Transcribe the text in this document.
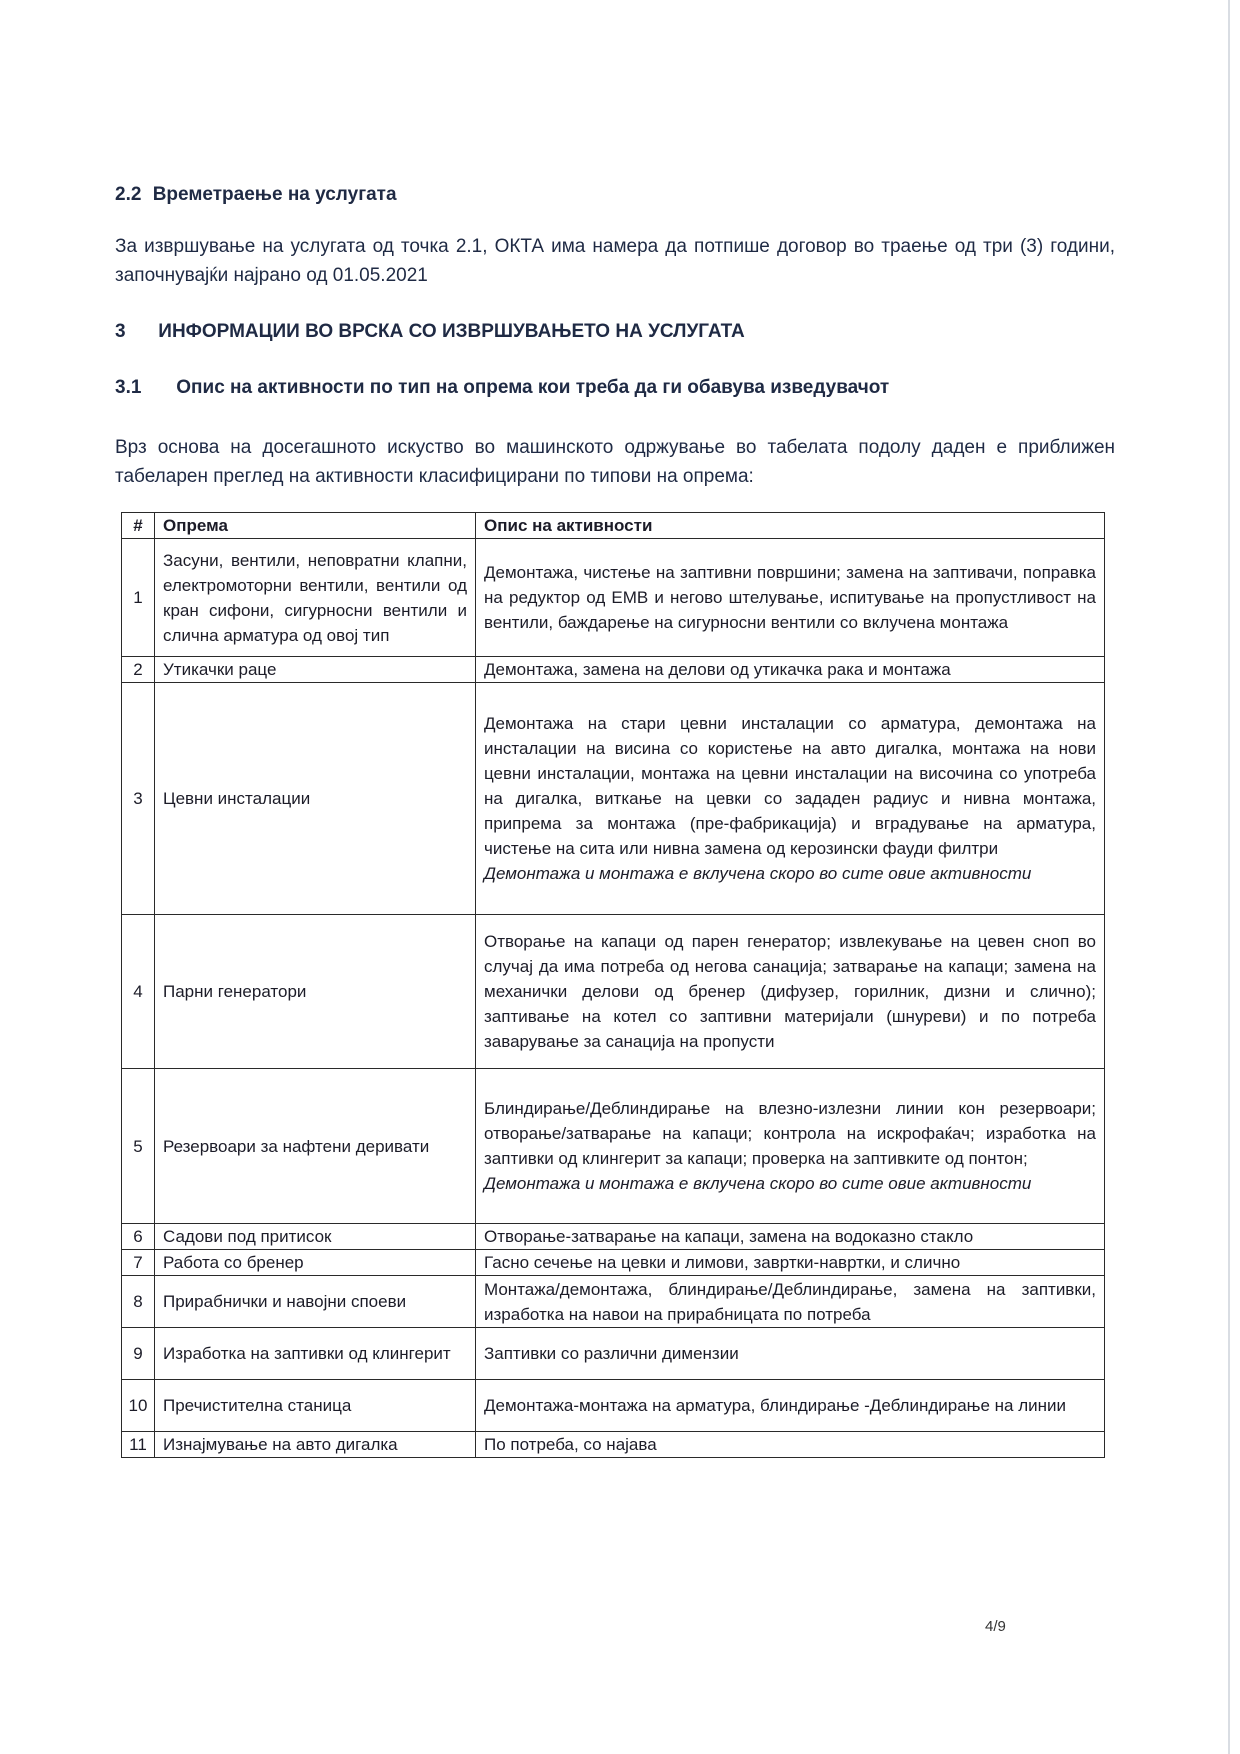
2.2 Времетраење на услугата
За извршување на услугата од точка 2.1, ОКТА има намера да потпише договор во траење од три (3) години, започнувајќи најрано од 01.05.2021
3 ИНФОРМАЦИИ ВО ВРСКА СО ИЗВРШУВАЊЕТО НА УСЛУГАТА
3.1 Опис на активности по тип на опрема кои треба да ги обавува изведувачот
Врз основа на досегашното искуство во машинското одржување во табелата подолу даден е приближен табеларен преглед на активности класифицирани по типови на опрема:
#	Опрема	Опис на активности
1	Засуни, вентили, неповратни клапни, електромоторни вентили, вентили од кран сифони, сигурносни вентили и слична арматура од овој тип	Демонтажа, чистење на заптивни површини; замена на заптивачи, поправка на редуктор од ЕМВ и негово штелување, испитување на пропустливост на вентили, баждарење на сигурносни вентили со вклучена монтажа
2	Утикачки раце	Демонтажа, замена на делови од утикачка рака и монтажа
3	Цевни инсталации	Демонтажа на стари цевни инсталации со арматура, демонтажа на инсталации на висина со користење на авто дигалка, монтажа на нови цевни инсталации, монтажа на цевни инсталации на височина со употреба на дигалка, виткање на цевки со зададен радиус и нивна монтажа, припрема за монтажа (пре-фабрикација) и вградување на арматура, чистење на сита или нивна замена од керозински фауди филтри
Демонтажа и монтажа е вклучена скоро во сите овие активности

4	Парни генератори	Отворање на капаци од парен генератор; извлекување на цевен сноп во случај да има потреба од негова санација; затварање на капаци; замена на механички делови од бренер (дифузер, горилник, дизни и слично); заптивање на котел со заптивни материјали (шнуреви) и по потреба заварување за санација на пропусти
5	Резервоари за нафтени деривати	Блиндирање/Деблиндирање на влезно-излезни линии кон резервоари; отворање/затварање на капаци; контрола на искрофаќач; изработка на заптивки од клингерит за капаци; проверка на заптивките од понтон;
Демонтажа и монтажа е вклучена скоро во сите овие активности

6	Садови под притисок	Отворање-затварање на капаци, замена на водоказно стакло
7	Работа со бренер	Гасно сечење на цевки и лимови, завртки-навртки, и слично
8	Прирабнички и навојни споеви	Монтажа/демонтажа, блиндирање/Деблиндирање, замена на заптивки, изработка на навои на прирабницата по потреба
9	Изработка на заптивки од клингерит	Заптивки со различни димензии
10	Пречистителна станица	Демонтажа-монтажа на арматура, блиндирање -Деблиндирање на линии
11	Изнајмување на авто дигалка	По потреба, со најава
4/9
